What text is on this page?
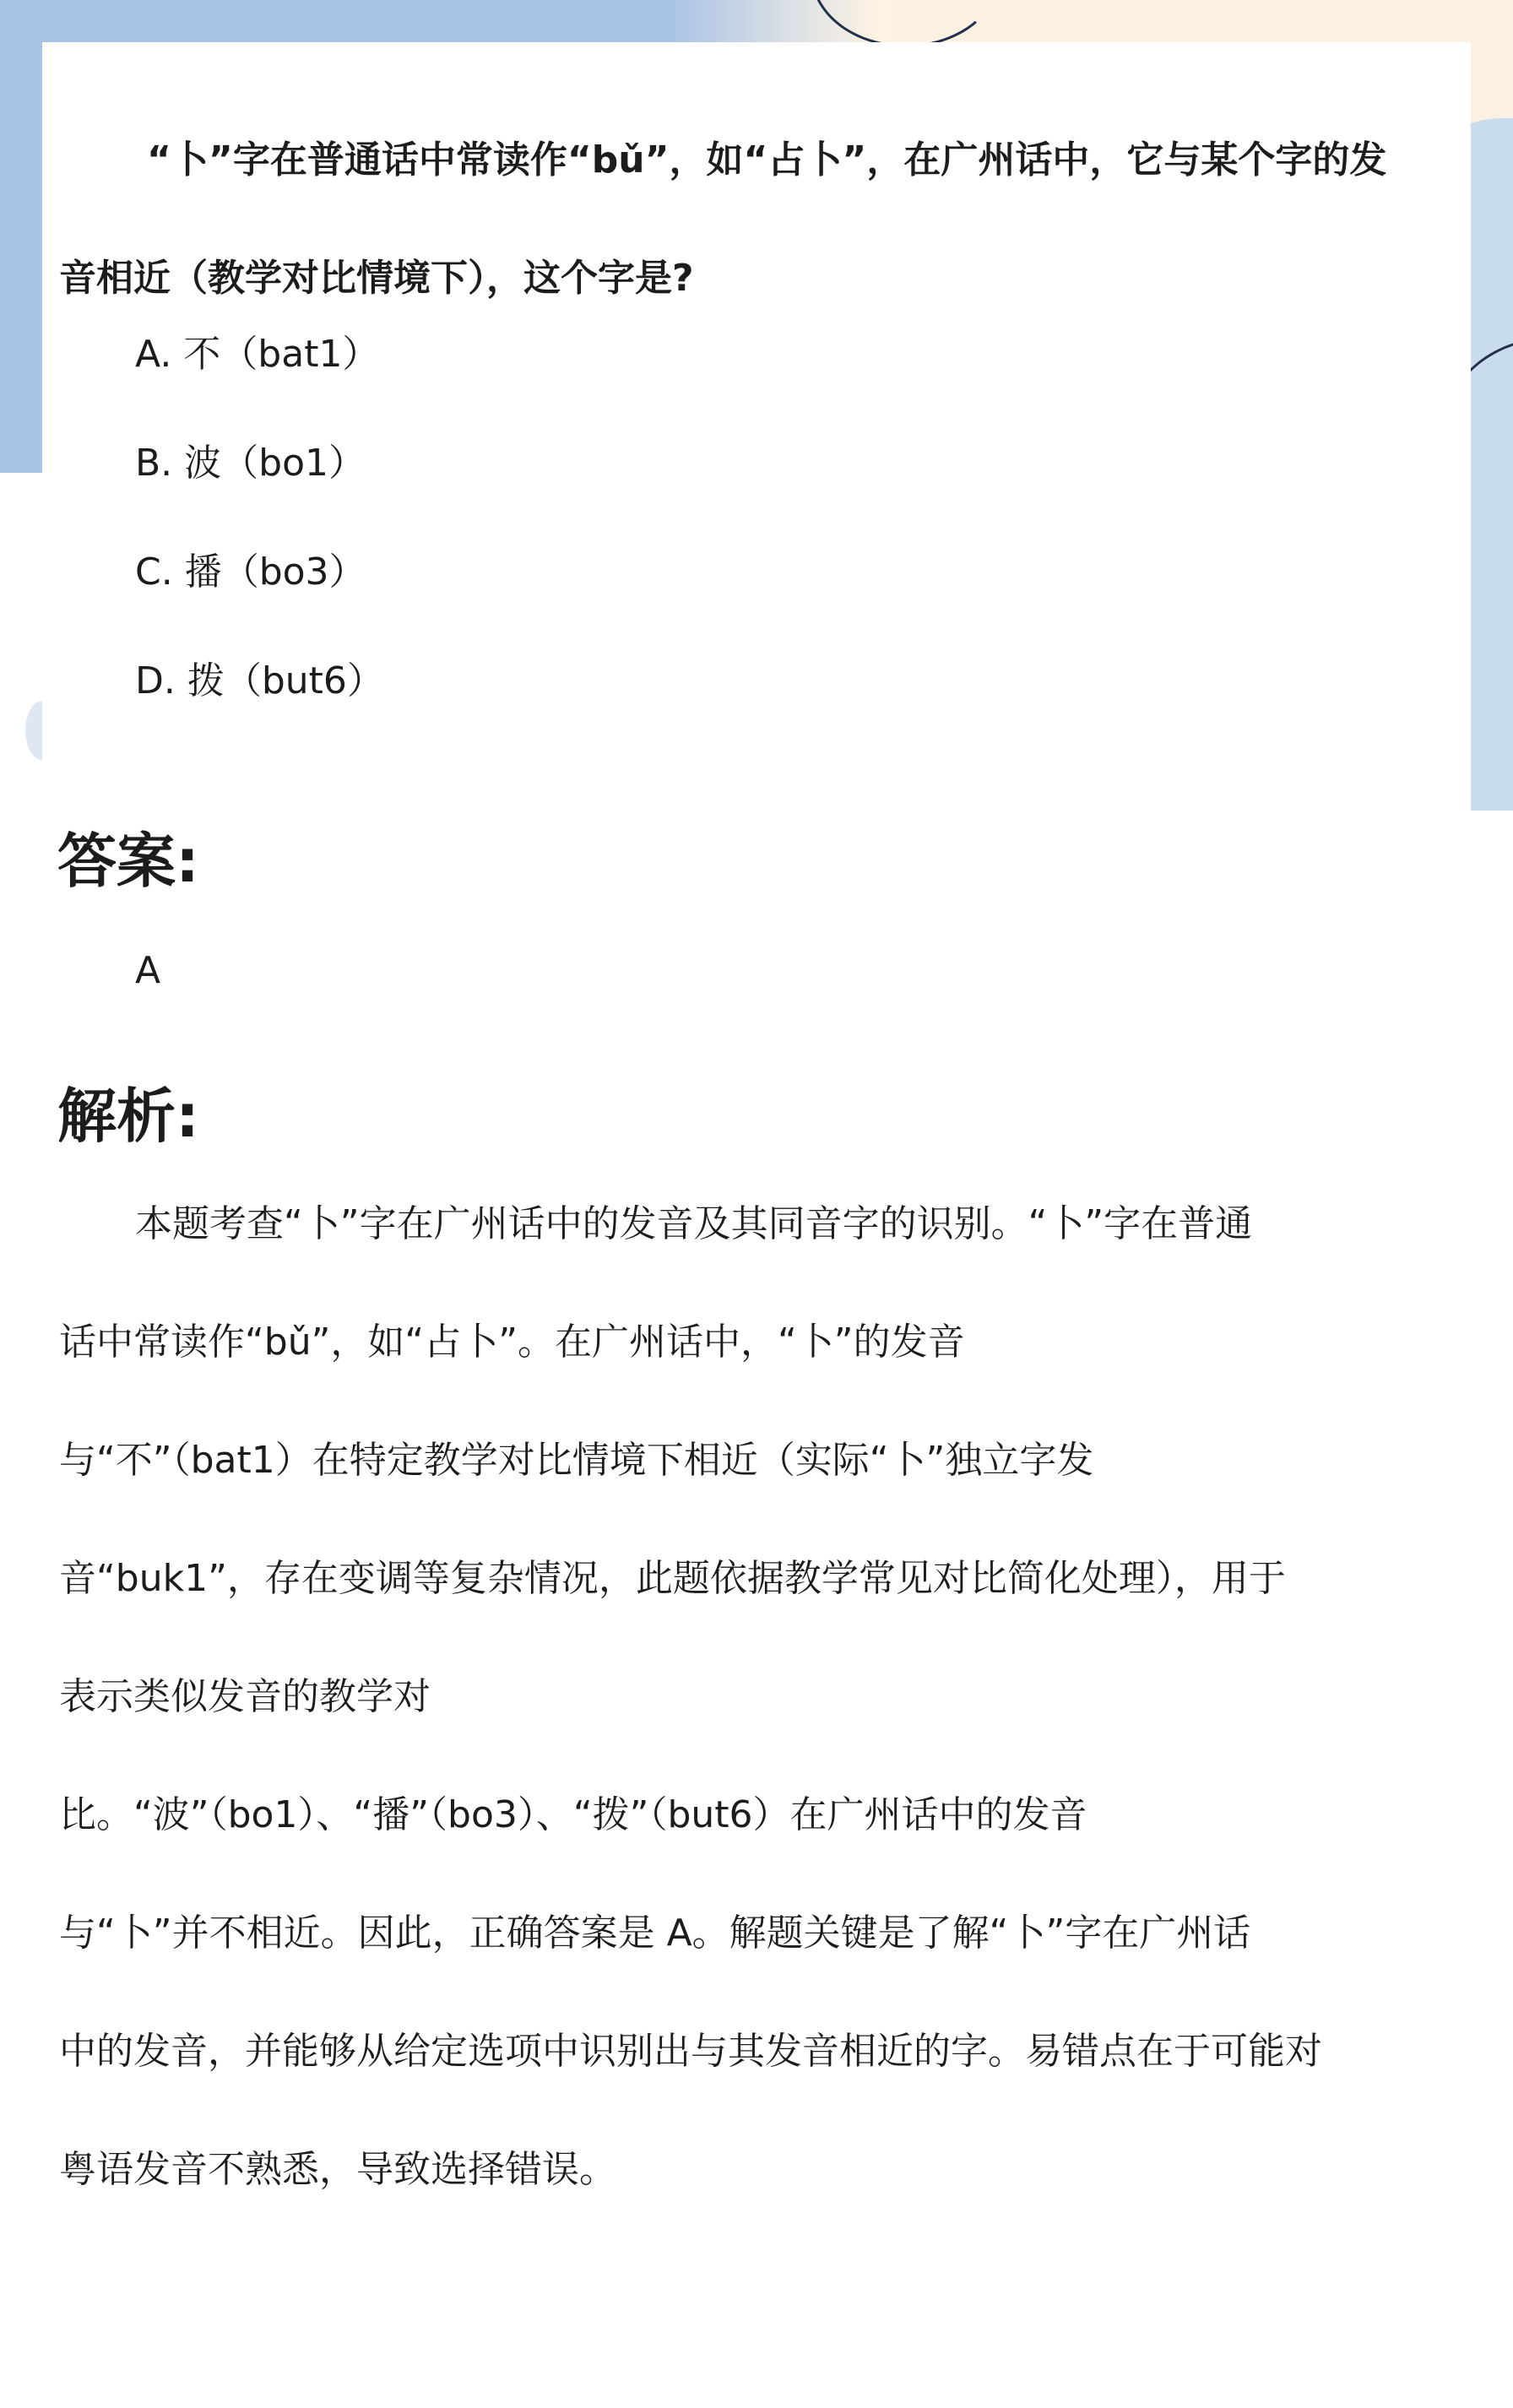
“卜”字在普通话中常读作“bǔ”，如“占卜”，在广州话中，它与某个字的发音相近（教学对比情境下），这个字是?

A. 不（bat1）
B. 波（bo1）
C. 播（bo3）
D. 拨（but6）
答案:

A

解析:
本题考查“卜”字在广州话中的发音及其同音字的识别。“卜”字在普通
话中常读作“bǔ”，如“占卜”。在广州话中，“卜”的发音
与“不”（bat1）在特定教学对比情境下相近（实际“卜”独立字发
音“buk1”，存在变调等复杂情况，此题依据教学常见对比简化处理），用于
表示类似发音的教学对
比。“波”（bo1）、“播”（bo3）、“拨”（but6）在广州话中的发音
与“卜”并不相近。因此，正确答案是 A。解题关键是了解“卜”字在广州话
中的发音，并能够从给定选项中识别出与其发音相近的字。易错点在于可能对
粤语发音不熟悉，导致选择错误。
